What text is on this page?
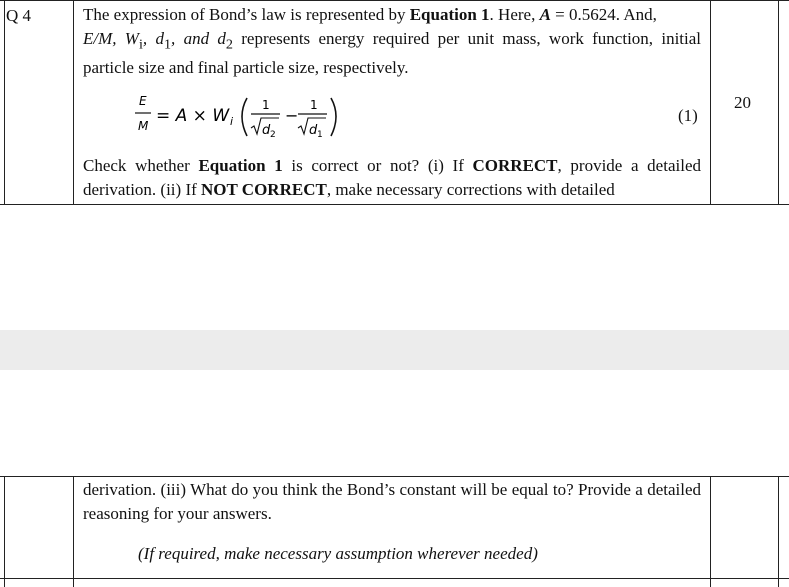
Q 4
20
The expression of Bond’s law is represented by Equation 1. Here, A = 0.5624. And,
E/M, $W_i$, $d_1$, and $d_2$ represents energy required per unit mass, work function, initial particle size and final particle size, respectively.
E
M = A × W i
1
d 2
−
1
d 1
(1)
Check whether Equation 1 is correct or not? (i) If CORRECT, provide a detailed derivation. (ii) If NOT CORRECT, make necessary corrections with detailed
derivation. (iii) What do you think the Bond’s constant will be equal to? Provide a detailed reasoning for your answers.
(If required, make necessary assumption wherever needed)
